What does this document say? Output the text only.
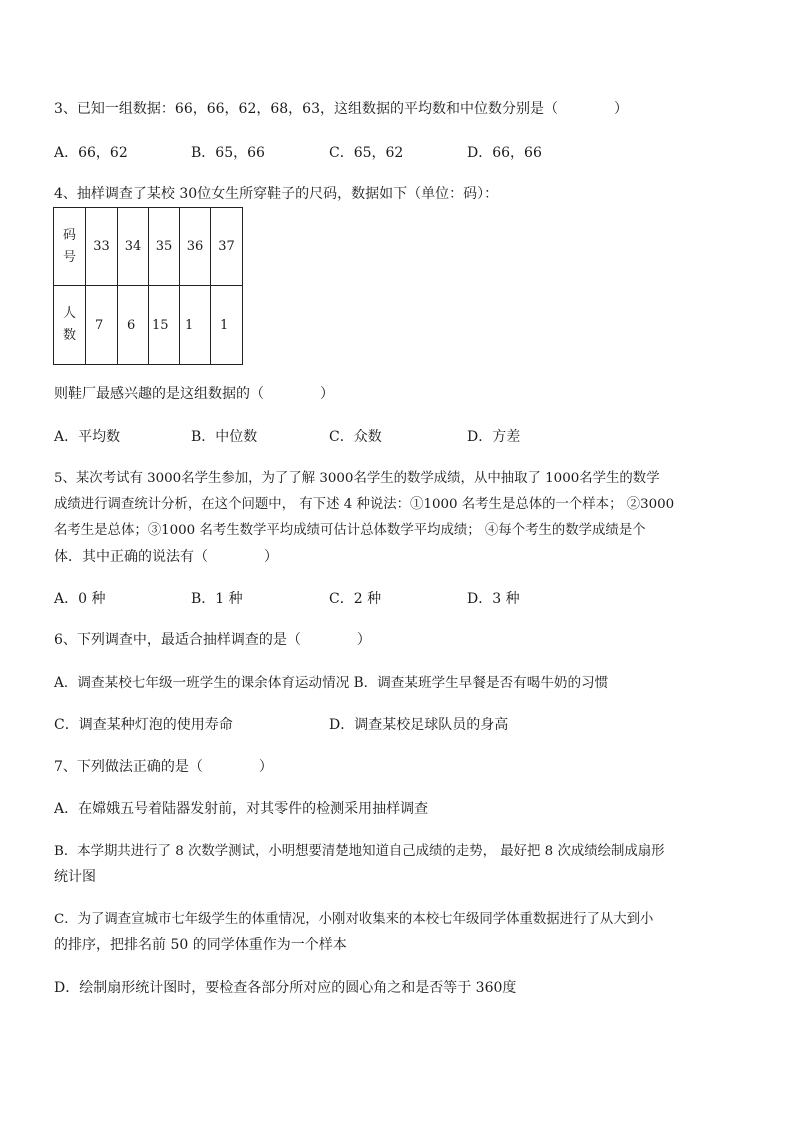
3、已知一组数据：66，66，62，68，63，这组数据的平均数和中位数分别是（　　　　）
A．66，62	B．65，66	C．65，62	D．66，66
4、抽样调查了某校 30位女生所穿鞋子的尺码，数据如下（单位：码）：
码
号	33	34	35	36	37
人
数	7	6	15	1	1
则鞋厂最感兴趣的是这组数据的（　　　　）
A．平均数	B．中位数	C．众数	D．方差
5、某次考试有 3000名学生参加，为了了解 3000名学生的数学成绩，从中抽取了 1000名学生的数学
成绩进行调查统计分析，在这个问题中， 有下述 4 种说法：①1000 名考生是总体的一个样本； ②3000
名考生是总体；③1000 名考生数学平均成绩可估计总体数学平均成绩； ④每个考生的数学成绩是个
体．其中正确的说法有（　　　　）
A．0 种	B．1 种	C．2 种	D．3 种
6、下列调查中，最适合抽样调查的是（　　　　）
A．调查某校七年级一班学生的课余体育运动情况 B．调查某班学生早餐是否有喝牛奶的习惯
C．调查某种灯泡的使用寿命	D．调查某校足球队员的身高
7、下列做法正确的是（　　　　）
A．在嫦娥五号着陆器发射前，对其零件的检测采用抽样调查
B．本学期共进行了 8 次数学测试，小明想要清楚地知道自己成绩的走势， 最好把 8 次成绩绘制成扇形
统计图
C．为了调查宣城市七年级学生的体重情况，小刚对收集来的本校七年级同学体重数据进行了从大到小
的排序，把排名前 50 的同学体重作为一个样本
D．绘制扇形统计图时，要检查各部分所对应的圆心角之和是否等于 360度
